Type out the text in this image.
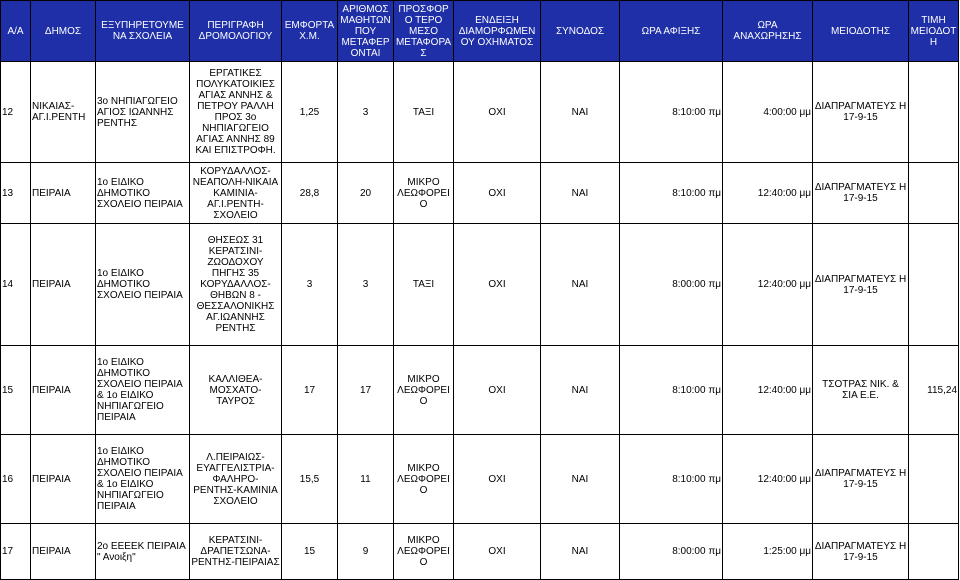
Α/Α	ΔΗΜΟΣ	ΕΞΥΠΗΡΕΤΟΥΜΕ ΝΑ ΣΧΟΛΕΙΑ	ΠΕΡΙΓΡΑΦΗ ΔΡΟΜΟΛΟΓΙΟΥ	ΕΜΦΟΡΤΑ Χ.Μ.	ΑΡΙΘΜΟΣ ΜΑΘΗΤΩΝ ΠΟΥ ΜΕΤΑΦΕΡ ΟΝΤΑΙ	ΠΡΟΣΦΟΡΟ ΤΕΡΟ ΜΕΣΟ ΜΕΤΑΦΟΡΑ Σ	ΕΝΔΕΙΞΗ ΔΙΑΜΟΡΦΩΜΕΝ ΟΥ ΟΧΗΜΑΤΟΣ	ΣΥΝΟΔΟΣ	ΩΡΑ ΑΦΙΞΗΣ	ΩΡΑ ΑΝΑΧΩΡΗΣΗΣ	ΜΕΙΟΔΟΤΗΣ	ΤΙΜΗ ΜΕΙΟΔΟΤΗ
12	ΝΙΚΑΙΑΣ-ΑΓ.Ι.ΡΕΝΤΗ	3ο ΝΗΠΙΑΓΩΓΕΙΟ ΑΓΙΟΣ ΙΩΑΝΝΗΣ ΡΕΝΤΗΣ	ΕΡΓΑΤΙΚΕΣ ΠΟΛΥΚΑΤΟΙΚΙΕΣ ΑΓΙΑΣ ΑΝΝΗΣ & ΠΕΤΡΟΥ ΡΑΛΛΗ ΠΡΟΣ 3ο ΝΗΠΙΑΓΩΓΕΙΟ ΑΓΙΑΣ ΑΝΝΗΣ 89 ΚΑΙ ΕΠΙΣΤΡΟΦΗ.	1,25	3	ΤΑΞΙ	ΟΧΙ	ΝΑΙ	8:10:00 πμ	4:00:00 μμ	ΔΙΑΠΡΑΓΜΑΤΕΥΣ Η 17-9-15	
13	ΠΕΙΡΑΙΑ	1ο ΕΙΔΙΚΟ ΔΗΜΟΤΙΚΟ ΣΧΟΛΕΙΟ ΠΕΙΡΑΙΑ	ΚΟΡΥΔΑΛΛΟΣ-ΝΕΑΠΟΛΗ-ΝΙΚΑΙΑ ΚΑΜΙΝΙΑ-ΑΓ.Ι.ΡΕΝΤΗ-ΣΧΟΛΕΙΟ	28,8	20	ΜΙΚΡΟ ΛΕΩΦΟΡΕΙΟ	ΟΧΙ	ΝΑΙ	8:10:00 πμ	12:40:00 μμ	ΔΙΑΠΡΑΓΜΑΤΕΥΣ Η 17-9-15	
14	ΠΕΙΡΑΙΑ	1ο ΕΙΔΙΚΟ ΔΗΜΟΤΙΚΟ ΣΧΟΛΕΙΟ ΠΕΙΡΑΙΑ	ΘΗΣΕΩΣ 31 ΚΕΡΑΤΣΙΝΙ-ΖΩΟΔΟΧΟΥ ΠΗΓΗΣ 35 ΚΟΡΥΔΑΛΛΟΣ-ΘΗΒΩΝ 8 - ΘΕΣΣΑΛΟΝΙΚΗΣ ΑΓ.ΙΩΑΝΝΗΣ ΡΕΝΤΗΣ	3	3	ΤΑΞΙ	ΟΧΙ	ΝΑΙ	8:00:00 πμ	12:40:00 μμ	ΔΙΑΠΡΑΓΜΑΤΕΥΣ Η 17-9-15	
15	ΠΕΙΡΑΙΑ	1ο ΕΙΔΙΚΟ ΔΗΜΟΤΙΚΟ ΣΧΟΛΕΙΟ ΠΕΙΡΑΙΑ & 1ο ΕΙΔΙΚΟ ΝΗΠΙΑΓΩΓΕΙΟ ΠΕΙΡΑΙΑ	ΚΑΛΛΙΘΕΑ-ΜΟΣΧΑΤΟ-ΤΑΥΡΟΣ	17	17	ΜΙΚΡΟ ΛΕΩΦΟΡΕΙΟ	ΟΧΙ	ΝΑΙ	8:10:00 πμ	12:40:00 μμ	ΤΣΟΤΡΑΣ ΝΙΚ. & ΣΙΑ Ε.Ε.	115,24
16	ΠΕΙΡΑΙΑ	1ο ΕΙΔΙΚΟ ΔΗΜΟΤΙΚΟ ΣΧΟΛΕΙΟ ΠΕΙΡΑΙΑ & 1ο ΕΙΔΙΚΟ ΝΗΠΙΑΓΩΓΕΙΟ ΠΕΙΡΑΙΑ	Λ.ΠΕΙΡΑΙΩΣ-ΕΥΑΓΓΕΛΙΣΤΡΙΑ-ΦΑΛΗΡΟ-ΡΕΝΤΗΣ-ΚΑΜΙΝΙΑ ΣΧΟΛΕΙΟ	15,5	11	ΜΙΚΡΟ ΛΕΩΦΟΡΕΙΟ	ΟΧΙ	ΝΑΙ	8:10:00 πμ	12:40:00 μμ	ΔΙΑΠΡΑΓΜΑΤΕΥΣ Η 17-9-15	
17	ΠΕΙΡΑΙΑ	2ο ΕΕΕΕΚ ΠΕΙΡΑΙΑ " Ανοιξη"	ΚΕΡΑΤΣΙΝΙ-ΔΡΑΠΕΤΣΩΝΑ-ΡΕΝΤΗΣ-ΠΕΙΡΑΙΑΣ	15	9	ΜΙΚΡΟ ΛΕΩΦΟΡΕΙΟ	ΟΧΙ	ΝΑΙ	8:00:00 πμ	1:25:00 μμ	ΔΙΑΠΡΑΓΜΑΤΕΥΣ Η 17-9-15	
